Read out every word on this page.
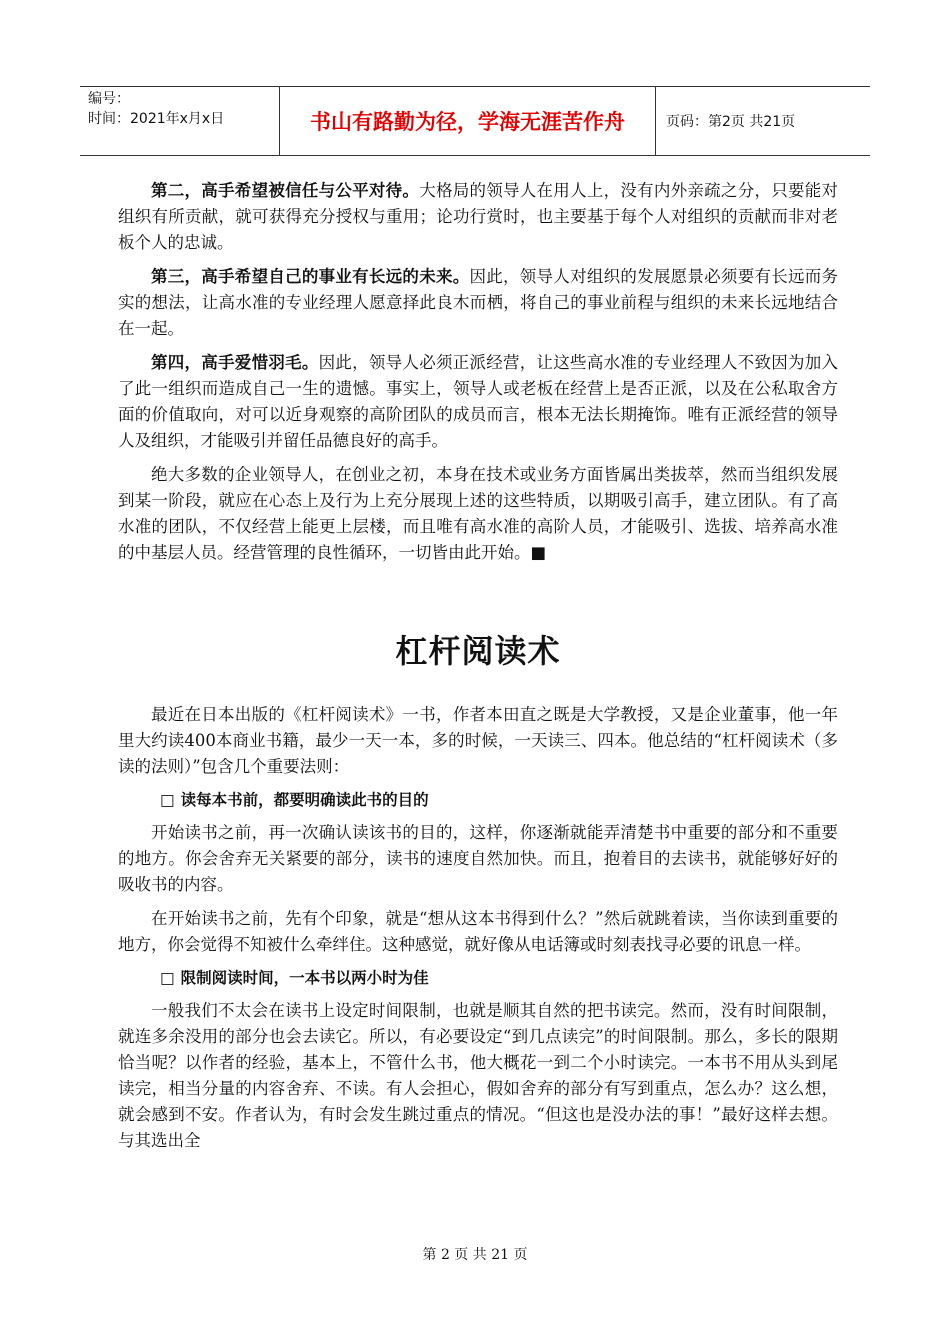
编号：
时间：2021年x月x日	书山有路勤为径，学海无涯苦作舟	页码：第2页 共21页

第二，高手希望被信任与公平对待。大格局的领导人在用人上，没有内外亲疏之分，只要能对组织有所贡献，就可获得充分授权与重用；论功行赏时，也主要基于每个人对组织的贡献而非对老板个人的忠诚。

第三，高手希望自己的事业有长远的未来。因此，领导人对组织的发展愿景必须要有长远而务实的想法，让高水准的专业经理人愿意择此良木而栖，将自己的事业前程与组织的未来长远地结合在一起。

第四，高手爱惜羽毛。因此，领导人必须正派经营，让这些高水准的专业经理人不致因为加入了此一组织而造成自己一生的遗憾。事实上，领导人或老板在经营上是否正派，以及在公私取舍方面的价值取向，对可以近身观察的高阶团队的成员而言，根本无法长期掩饰。唯有正派经营的领导人及组织，才能吸引并留任品德良好的高手。

绝大多数的企业领导人，在创业之初，本身在技术或业务方面皆属出类拔萃，然而当组织发展到某一阶段，就应在心态上及行为上充分展现上述的这些特质，以期吸引高手，建立团队。有了高水准的团队，不仅经营上能更上层楼，而且唯有高水准的高阶人员，才能吸引、选拔、培养高水准的中基层人员。经营管理的良性循环，一切皆由此开始。■

杠杆阅读术

最近在日本出版的《杠杆阅读术》一书，作者本田直之既是大学教授，又是企业董事，他一年里大约读400本商业书籍，最少一天一本，多的时候，一天读三、四本。他总结的“杠杆阅读术（多读的法则）”包含几个重要法则：

□ 读每本书前，都要明确读此书的目的

开始读书之前，再一次确认读该书的目的，这样，你逐渐就能弄清楚书中重要的部分和不重要的地方。你会舍弃无关紧要的部分，读书的速度自然加快。而且，抱着目的去读书，就能够好好的吸收书的内容。

在开始读书之前，先有个印象，就是“想从这本书得到什么？”然后就跳着读，当你读到重要的地方，你会觉得不知被什么牵绊住。这种感觉，就好像从电话簿或时刻表找寻必要的讯息一样。

□ 限制阅读时间，一本书以两小时为佳

一般我们不太会在读书上设定时间限制，也就是顺其自然的把书读完。然而，没有时间限制，就连多余没用的部分也会去读它。所以，有必要设定“到几点读完”的时间限制。那么，多长的限期恰当呢？以作者的经验，基本上，不管什么书，他大概花一到二个小时读完。一本书不用从头到尾读完，相当分量的内容舍弃、不读。有人会担心，假如舍弃的部分有写到重点，怎么办？这么想，就会感到不安。作者认为，有时会发生跳过重点的情况。“但这也是没办法的事！”最好这样去想。与其选出全

第 2 页 共 21 页
